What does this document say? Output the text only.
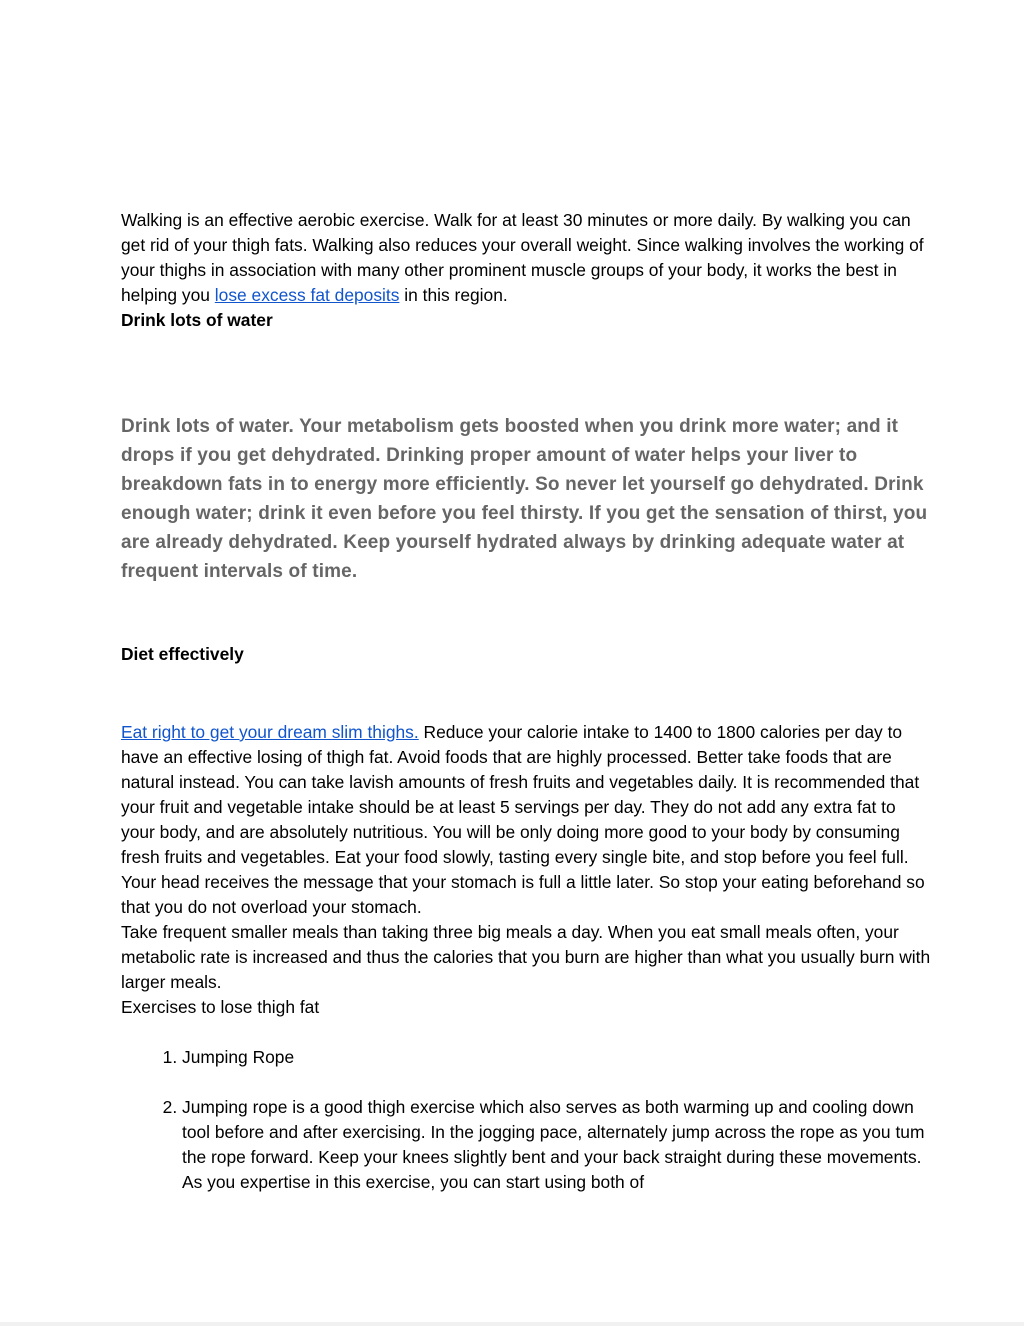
Walking is an effective aerobic exercise. Walk for at least 30 minutes or more daily. By walking you can get rid of your thigh fats. Walking also reduces your overall weight. Since walking involves the working of your thighs in association with many other prominent muscle groups of your body, it works the best in helping you lose excess fat deposits in this region.

Drink lots of water

Drink lots of water. Your metabolism gets boosted when you drink more water; and it drops if you get dehydrated. Drinking proper amount of water helps your liver to breakdown fats in to energy more efficiently. So never let yourself go dehydrated. Drink enough water; drink it even before you feel thirsty. If you get the sensation of thirst, you are already dehydrated. Keep yourself hydrated always by drinking adequate water at frequent intervals of time.

Diet effectively

Eat right to get your dream slim thighs. Reduce your calorie intake to 1400 to 1800 calories per day to have an effective losing of thigh fat. Avoid foods that are highly processed. Better take foods that are natural instead. You can take lavish amounts of fresh fruits and vegetables daily. It is recommended that your fruit and vegetable intake should be at least 5 servings per day. They do not add any extra fat to your body, and are absolutely nutritious. You will be only doing more good to your body by consuming fresh fruits and vegetables. Eat your food slowly, tasting every single bite, and stop before you feel full. Your head receives the message that your stomach is full a little later. So stop your eating beforehand so that you do not overload your stomach.

Take frequent smaller meals than taking three big meals a day. When you eat small meals often, your metabolic rate is increased and thus the calories that you burn are higher than what you usually burn with larger meals.

Exercises to lose thigh fat

1. Jumping Rope
2. Jumping rope is a good thigh exercise which also serves as both warming up and cooling down tool before and after exercising. In the jogging pace, alternately jump across the rope as you tum the rope forward. Keep your knees slightly bent and your back straight during these movements. As you expertise in this exercise, you can start using both of
